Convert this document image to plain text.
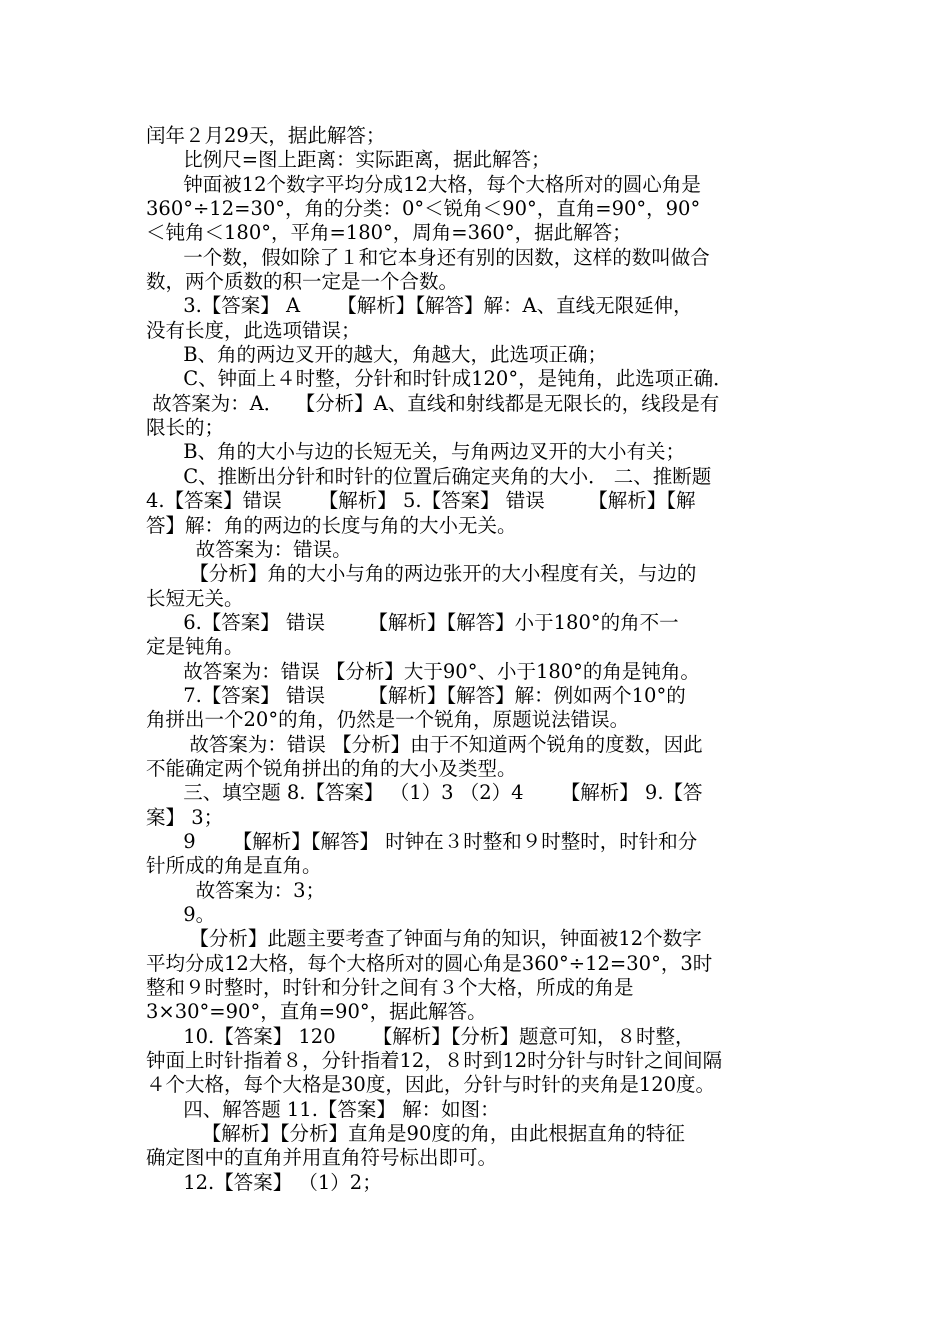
闰年２月29天，据此解答；
比例尺=图上距离：实际距离，据此解答；
钟面被12个数字平均分成12大格，每个大格所对的圆心角是
360°÷12=30°，角的分类：0°＜锐角＜90°，直角=90°，90°
＜钝角＜180°，平角=180°，周角=360°，据此解答；
一个数，假如除了１和它本身还有别的因数，这样的数叫做合
数，两个质数的积一定是一个合数。
3.【答案】 A      【解析】【解答】解：A、直线无限延伸，
没有长度，此选项错误；
B、角的两边叉开的越大，角越大，此选项正确；
C、钟面上４时整，分针和时针成120°，是钝角，此选项正确．
故答案为：A．  【分析】A、直线和射线都是无限长的，线段是有
限长的；
B、角的大小与边的长短无关，与角两边叉开的大小有关；
C、推断出分针和时针的位置后确定夹角的大小． 二、推断题
4.【答案】错误      【解析】 5.【答案】 错误       【解析】【解
答】解：角的两边的长度与角的大小无关。
故答案为：错误。
【分析】角的大小与角的两边张开的大小程度有关，与边的
长短无关。
6.【答案】 错误       【解析】【解答】小于180°的角不一
定是钝角。
故答案为：错误 【分析】大于90°、小于180°的角是钝角。
7.【答案】 错误       【解析】【解答】解：例如两个10°的
角拼出一个20°的角，仍然是一个锐角，原题说法错误。
故答案为：错误 【分析】由于不知道两个锐角的度数，因此
不能确定两个锐角拼出的角的大小及类型。
三、填空题 8.【答案】 （1）3 （2）4      【解析】 9.【答
案】 3；
9      【解析】【解答】 时钟在３时整和９时整时，时针和分
针所成的角是直角。
故答案为：3；
9。
【分析】此题主要考查了钟面与角的知识，钟面被12个数字
平均分成12大格，每个大格所对的圆心角是360°÷12=30°，3时
整和９时整时，时针和分针之间有３个大格，所成的角是
3×30°=90°，直角=90°，据此解答。
10.【答案】 120      【解析】【分析】题意可知，８时整，
钟面上时针指着８，分针指着12，８时到12时分针与时针之间间隔
４个大格，每个大格是30度，因此，分针与时针的夹角是120度。
四、解答题 11.【答案】 解：如图：
【解析】【分析】直角是90度的角，由此根据直角的特征
确定图中的直角并用直角符号标出即可。
12.【答案】 （1）2；
